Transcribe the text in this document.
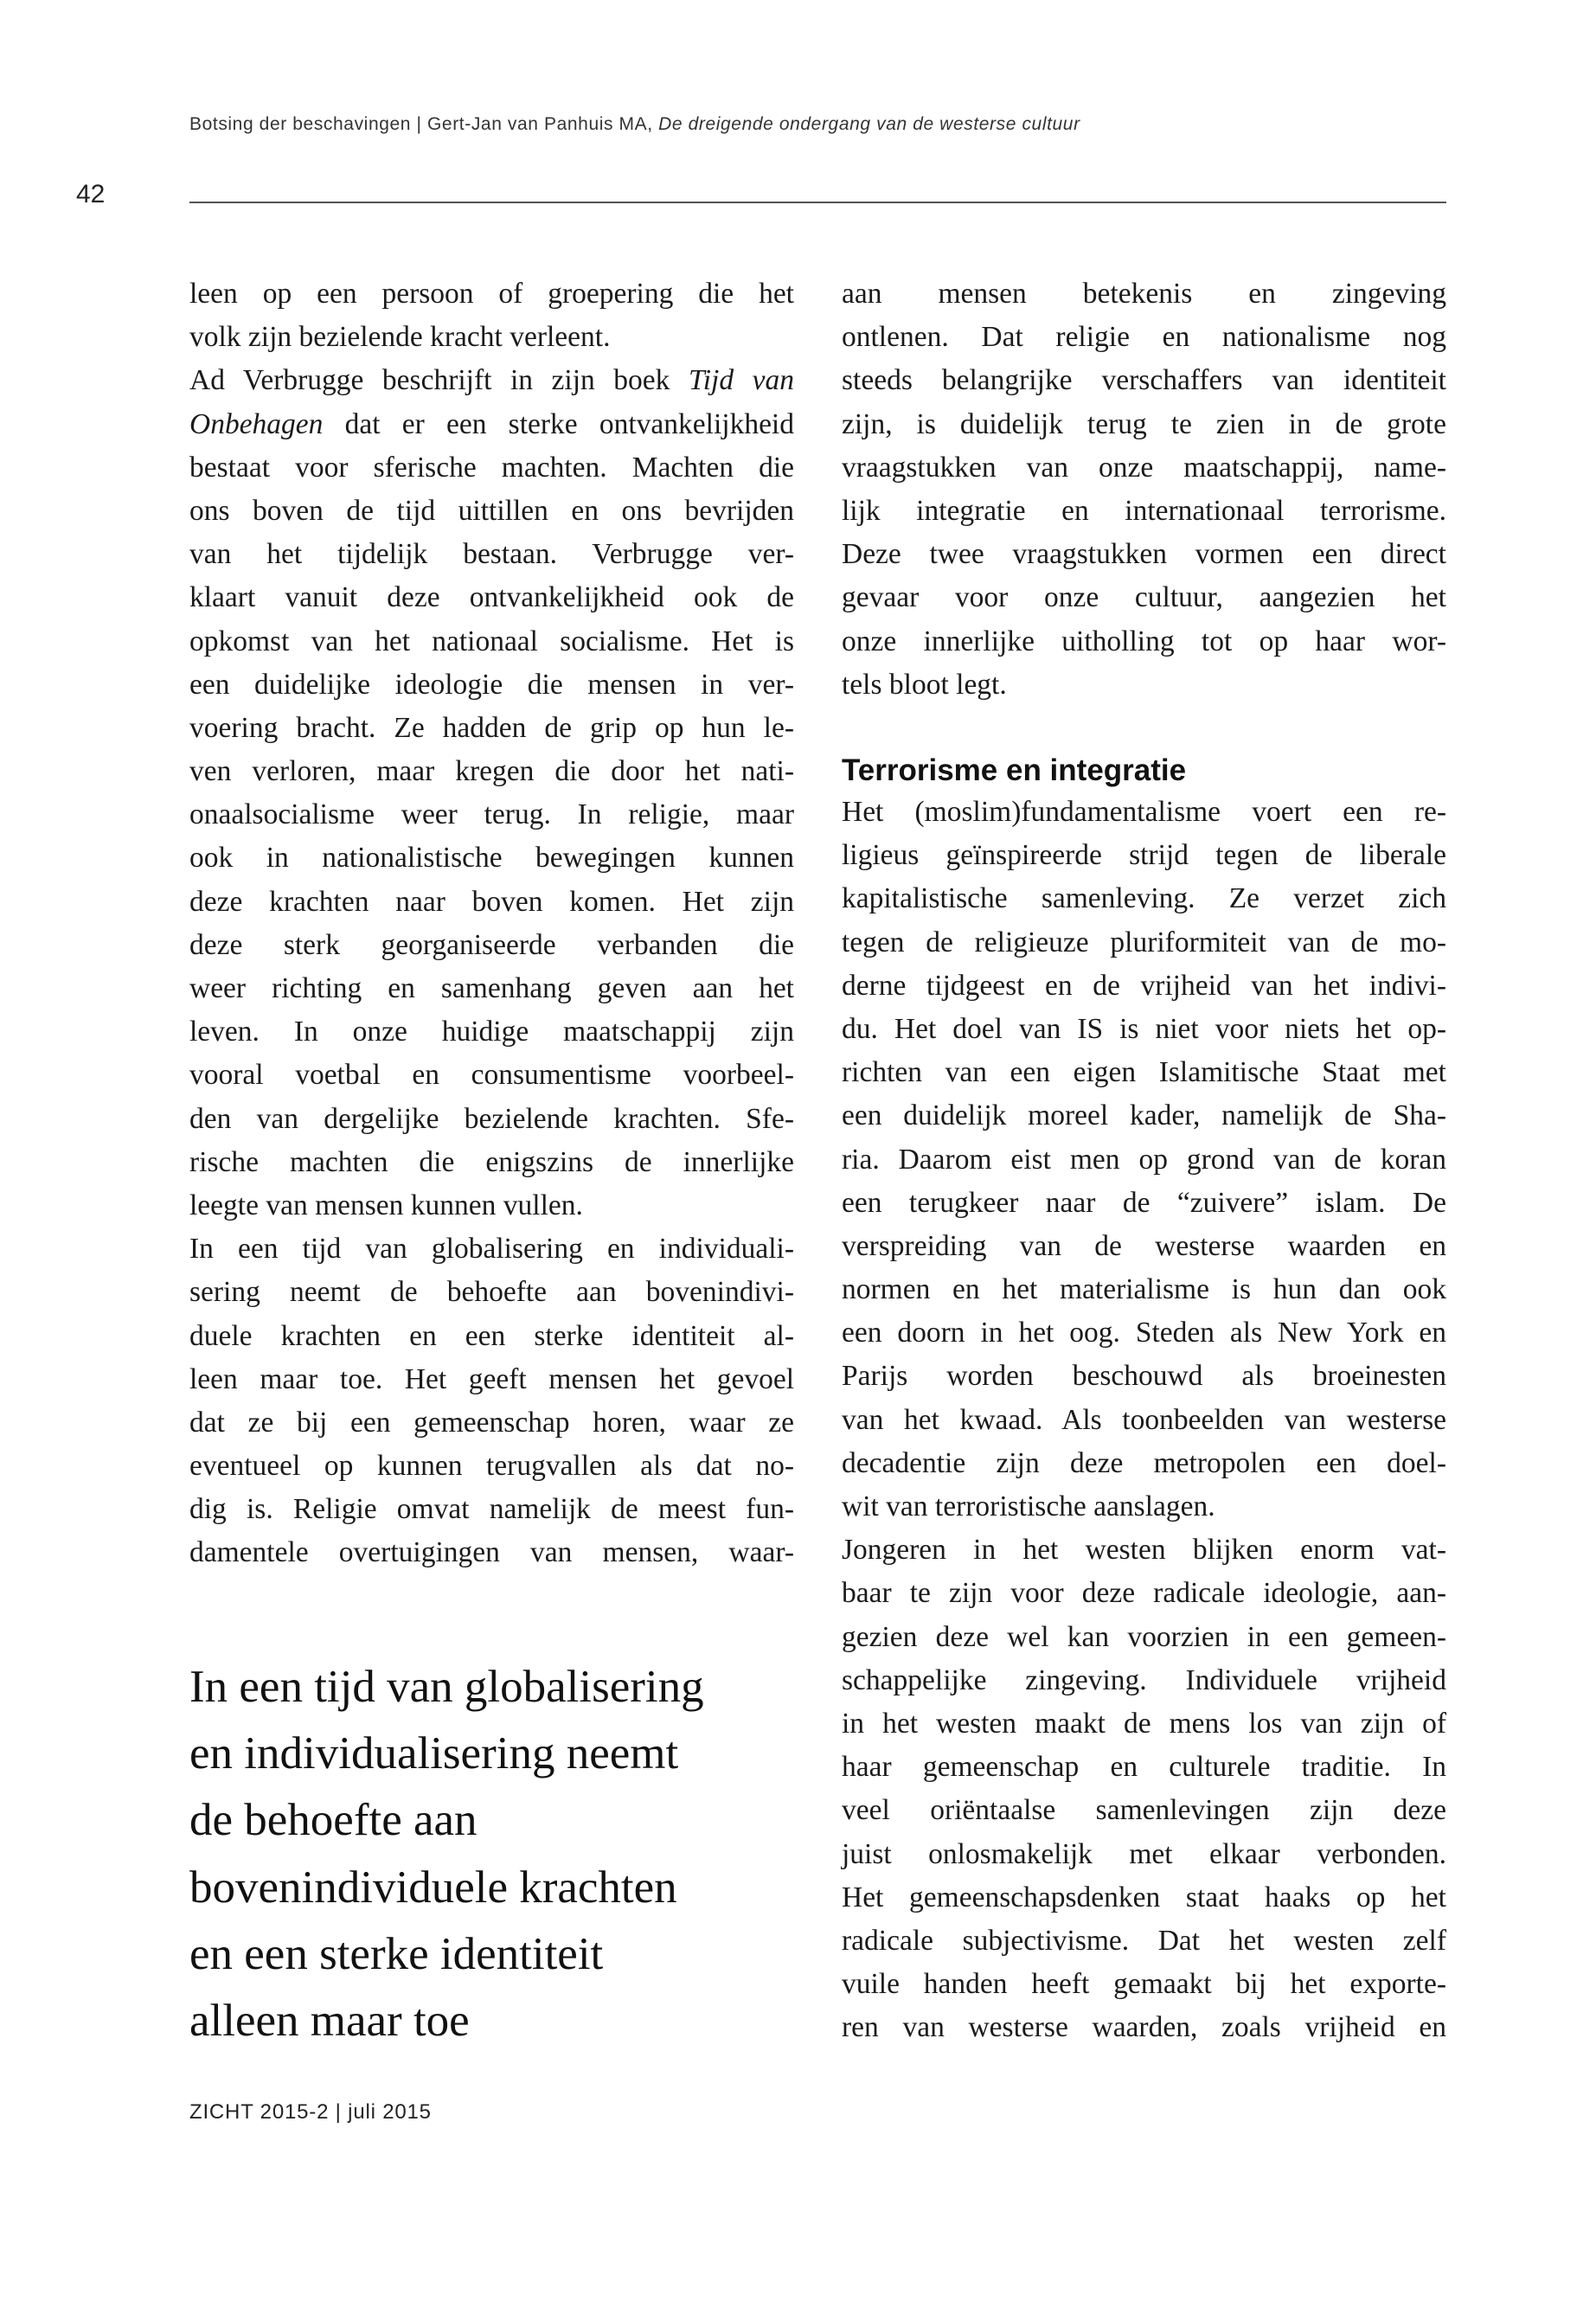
Botsing der beschavingen | Gert-Jan van Panhuis MA, De dreigende ondergang van de westerse cultuur
42
leen op een persoon of groepering die het
volk zijn bezielende kracht verleent.
Ad Verbrugge beschrijft in zijn boek Tijd van
Onbehagen dat er een sterke ontvankelijkheid
bestaat voor sferische machten. Machten die
ons boven de tijd uittillen en ons bevrijden
van het tijdelijk bestaan. Verbrugge ver-
klaart vanuit deze ontvankelijkheid ook de
opkomst van het nationaal socialisme. Het is
een duidelijke ideologie die mensen in ver-
voering bracht. Ze hadden de grip op hun le-
ven verloren, maar kregen die door het nati-
onaalsocialisme weer terug. In religie, maar
ook in nationalistische bewegingen kunnen
deze krachten naar boven komen. Het zijn
deze sterk georganiseerde verbanden die
weer richting en samenhang geven aan het
leven. In onze huidige maatschappij zijn
vooral voetbal en consumentisme voorbeel-
den van dergelijke bezielende krachten. Sfe-
rische machten die enigszins de innerlijke
leegte van mensen kunnen vullen.
In een tijd van globalisering en individuali-
sering neemt de behoefte aan bovenindivi-
duele krachten en een sterke identiteit al-
leen maar toe. Het geeft mensen het gevoel
dat ze bij een gemeenschap horen, waar ze
eventueel op kunnen terugvallen als dat no-
dig is. Religie omvat namelijk de meest fun-
damentele overtuigingen van mensen, waar-
aan mensen betekenis en zingeving
ontlenen. Dat religie en nationalisme nog
steeds belangrijke verschaffers van identiteit
zijn, is duidelijk terug te zien in de grote
vraagstukken van onze maatschappij, name-
lijk integratie en internationaal terrorisme.
Deze twee vraagstukken vormen een direct
gevaar voor onze cultuur, aangezien het
onze innerlijke uitholling tot op haar wor-
tels bloot legt.
Terrorisme en integratie
Het (moslim)fundamentalisme voert een re-
ligieus geïnspireerde strijd tegen de liberale
kapitalistische samenleving. Ze verzet zich
tegen de religieuze pluriformiteit van de mo-
derne tijdgeest en de vrijheid van het indivi-
du. Het doel van IS is niet voor niets het op-
richten van een eigen Islamitische Staat met
een duidelijk moreel kader, namelijk de Sha-
ria. Daarom eist men op grond van de koran
een terugkeer naar de “zuivere” islam. De
verspreiding van de westerse waarden en
normen en het materialisme is hun dan ook
een doorn in het oog. Steden als New York en
Parijs worden beschouwd als broeinesten
van het kwaad. Als toonbeelden van westerse
decadentie zijn deze metropolen een doel-
wit van terroristische aanslagen.
Jongeren in het westen blijken enorm vat-
baar te zijn voor deze radicale ideologie, aan-
gezien deze wel kan voorzien in een gemeen-
schappelijke zingeving. Individuele vrijheid
in het westen maakt de mens los van zijn of
haar gemeenschap en culturele traditie. In
veel oriëntaalse samenlevingen zijn deze
juist onlosmakelijk met elkaar verbonden.
Het gemeenschapsdenken staat haaks op het
radicale subjectivisme. Dat het westen zelf
vuile handen heeft gemaakt bij het exporte-
ren van westerse waarden, zoals vrijheid en
In een tijd van globalisering
en individualisering neemt
de behoefte aan
bovenindividuele krachten
en een sterke identiteit
alleen maar toe
ZICHT 2015-2 | juli 2015
